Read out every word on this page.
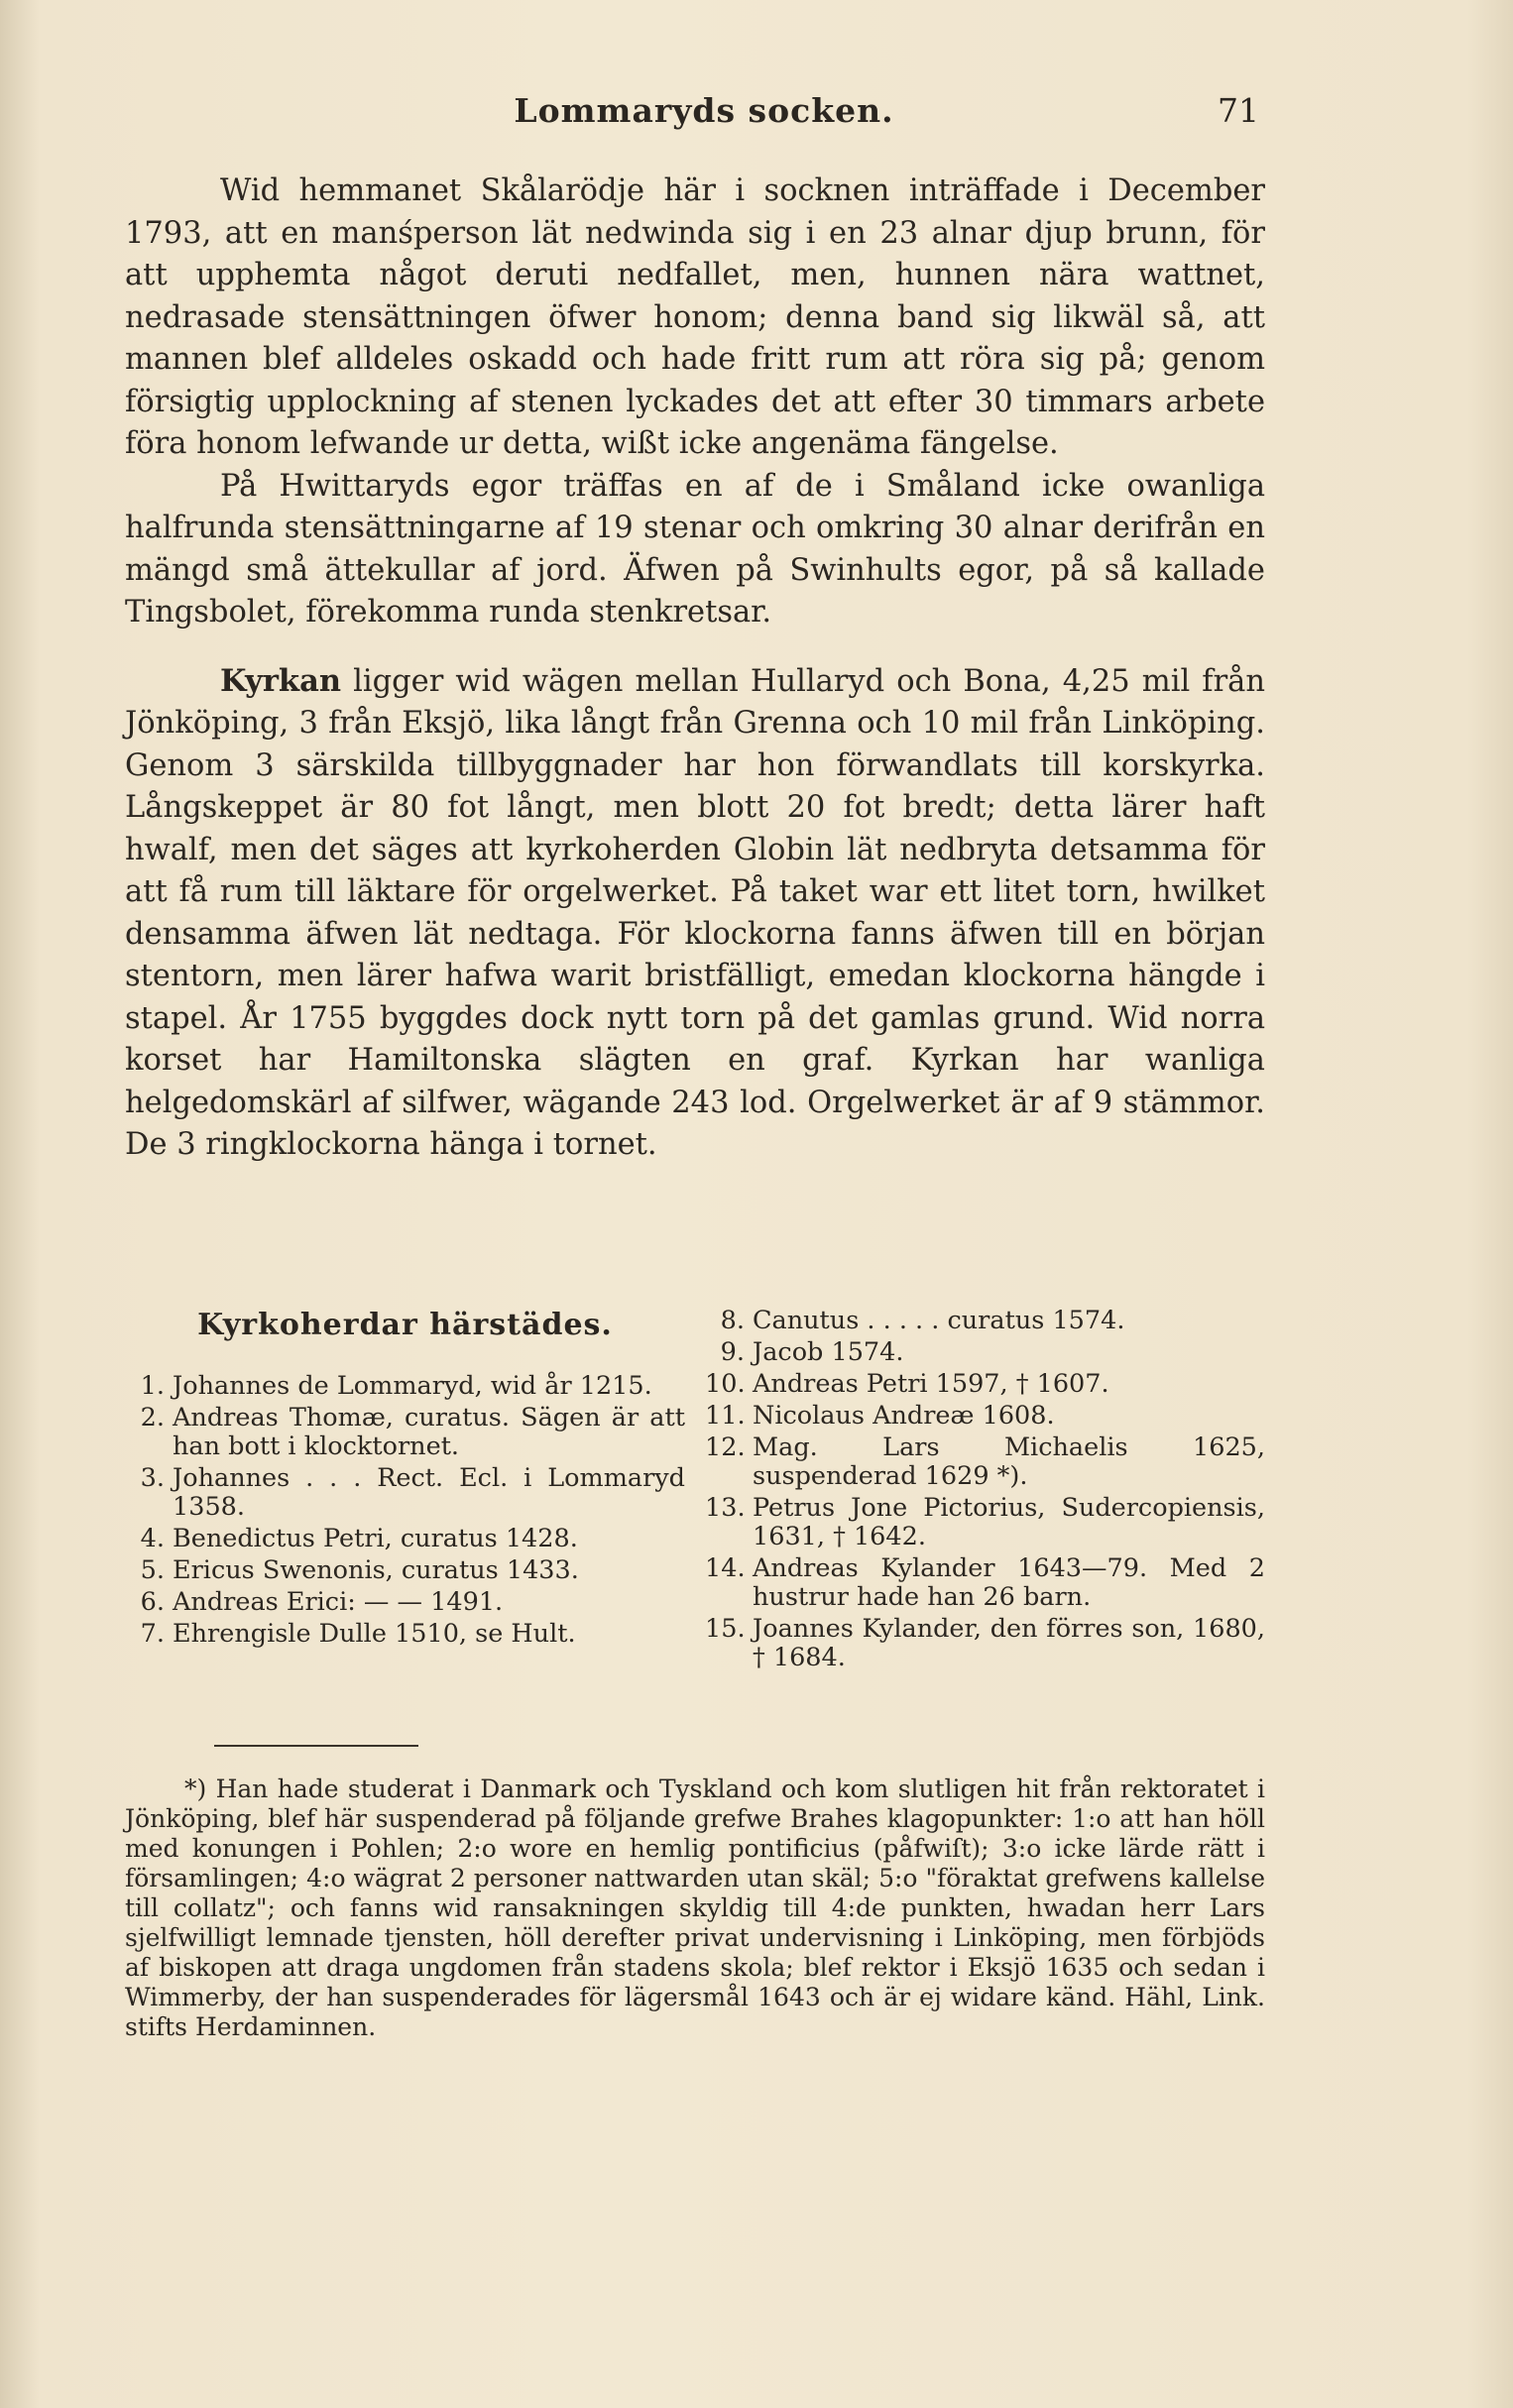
Lommaryds socken.	71

Wid hemmanet Skålarödje här i socknen inträffade i December 1793, att en manśperson lät nedwinda sig i en 23 alnar djup brunn, för att upphemta något deruti nedfallet, men, hunnen nära wattnet, nedrasade stensättningen öfwer honom; denna band sig likwäl så, att mannen blef alldeles oskadd och hade fritt rum att röra sig på; genom försigtig upplockning af stenen lyckades det att efter 30 timmars arbete föra honom lefwande ur detta, wißt icke angenäma fängelse.

På Hwittaryds egor träffas en af de i Småland icke owanliga halfrunda stensättningarne af 19 stenar och omkring 30 alnar derifrån en mängd små ättekullar af jord. Äfwen på Swinhults egor, på så kallade Tingsbolet, förekomma runda stenkretsar.

Kyrkan ligger wid wägen mellan Hullaryd och Bona, 4,25 mil från Jönköping, 3 från Eksjö, lika långt från Grenna och 10 mil från Linköping. Genom 3 särskilda tillbyggnader har hon förwandlats till korskyrka. Långskeppet är 80 fot långt, men blott 20 fot bredt; detta lärer haft hwalf, men det säges att kyrkoherden Globin lät nedbryta detsamma för att få rum till läktare för orgelwerket. På taket war ett litet torn, hwilket densamma äfwen lät nedtaga. För klockorna fanns äfwen till en början stentorn, men lärer hafwa warit bristfälligt, emedan klockorna hängde i stapel. År 1755 byggdes dock nytt torn på det gamlas grund. Wid norra korset har Hamiltonska slägten en graf. Kyrkan har wanliga helgedomskärl af silfwer, wägande 243 lod. Orgelwerket är af 9 stämmor. De 3 ringklockorna hänga i tornet.

Kyrkoherdar härstädes.
1. Johannes de Lommaryd, wid år 1215.
2. Andreas Thomæ, curatus. Sägen är att han bott i klocktornet.
3. Johannes . . . Rect. Ecl. i Lommaryd 1358.
4. Benedictus Petri, curatus 1428.
5. Ericus Swenonis, curatus 1433.
6. Andreas Erici: — — 1491.
7. Ehrengisle Dulle 1510, se Hult.
8. Canutus . . . . . curatus 1574.
9. Jacob 1574.
10. Andreas Petri 1597, † 1607.
11. Nicolaus Andreæ 1608.
12. Mag. Lars Michaelis 1625, suspenderad 1629 *).
13. Petrus Jone Pictorius, Sudercopiensis, 1631, † 1642.
14. Andreas Kylander 1643—79. Med 2 hustrur hade han 26 barn.
15. Joannes Kylander, den förres son, 1680, † 1684.

*) Han hade studerat i Danmark och Tyskland och kom slutligen hit från rektoratet i Jönköping, blef här suspenderad på följande grefwe Brahes klagopunkter: 1:o att han höll med konungen i Pohlen; 2:o wore en hemlig pontificius (påfwiſt); 3:o icke lärde rätt i församlingen; 4:o wägrat 2 personer nattwarden utan skäl; 5:o "föraktat grefwens kallelse till collatz"; och fanns wid ransakningen skyldig till 4:de punkten, hwadan herr Lars sjelfwilligt lemnade tjensten, höll derefter privat undervisning i Linköping, men förbjöds af biskopen att draga ungdomen från stadens skola; blef rektor i Eksjö 1635 och sedan i Wimmerby, der han suspenderades för lägersmål 1643 och är ej widare känd. Hähl, Link. stifts Herdaminnen.
